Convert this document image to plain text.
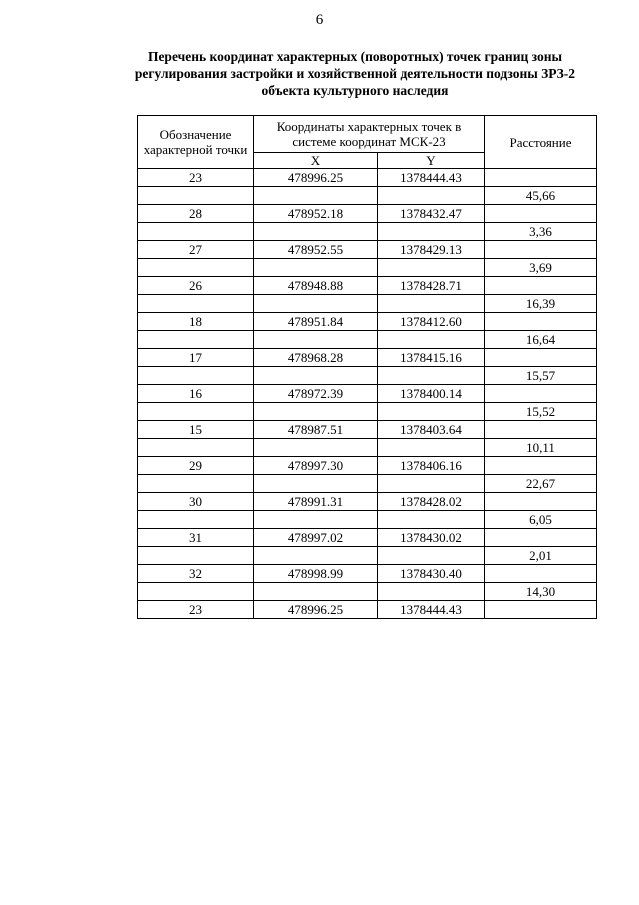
6
Перечень координат характерных (поворотных) точек границ зоны
регулирования застройки и хозяйственной деятельности подзоны ЗРЗ-2
объекта культурного наследия
Обозначение характерной точки	Координаты характерных точек в системе координат МСК-23		Расстояние
	X	Y	
23	478996.25	1378444.43	
			45,66
28	478952.18	1378432.47	
			3,36
27	478952.55	1378429.13	
			3,69
26	478948.88	1378428.71	
			16,39
18	478951.84	1378412.60	
			16,64
17	478968.28	1378415.16	
			15,57
16	478972.39	1378400.14	
			15,52
15	478987.51	1378403.64	
			10,11
29	478997.30	1378406.16	
			22,67
30	478991.31	1378428.02	
			6,05
31	478997.02	1378430.02	
			2,01
32	478998.99	1378430.40	
			14,30
23	478996.25	1378444.43	
